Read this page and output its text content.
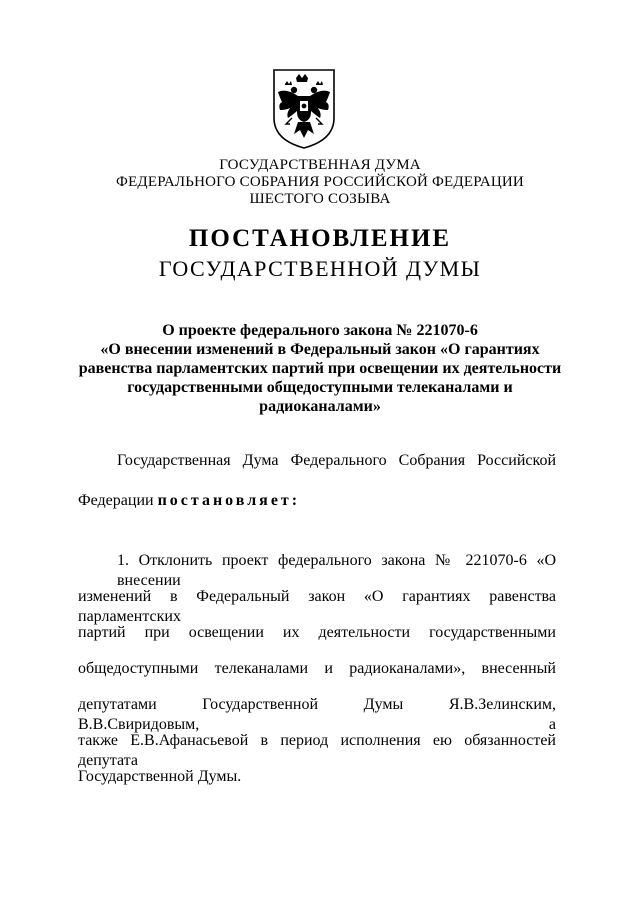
ГОСУДАРСТВЕННАЯ ДУМА
ФЕДЕРАЛЬНОГО СОБРАНИЯ РОССИЙСКОЙ ФЕДЕРАЦИИ
ШЕСТОГО СОЗЫВА
ПОСТАНОВЛЕНИЕ
ГОСУДАРСТВЕННОЙ ДУМЫ
О проекте федерального закона № 221070-6
«О внесении изменений в Федеральный закон «О гарантиях
равенства парламентских партий при освещении их деятельности
государственными общедоступными телеканалами и
радиоканалами»
Государственная Дума Федерального Собрания Российской
Федерации постановляет:
1. Отклонить проект федерального закона № 221070-6 «О внесении
изменений в Федеральный закон «О гарантиях равенства парламентских
партий при освещении их деятельности государственными
общедоступными телеканалами и радиоканалами», внесенный
депутатами Государственной Думы Я.В.Зелинским, В.В.Свиридовым, а
также Е.В.Афанасьевой в период исполнения ею обязанностей депутата
Государственной Думы.
